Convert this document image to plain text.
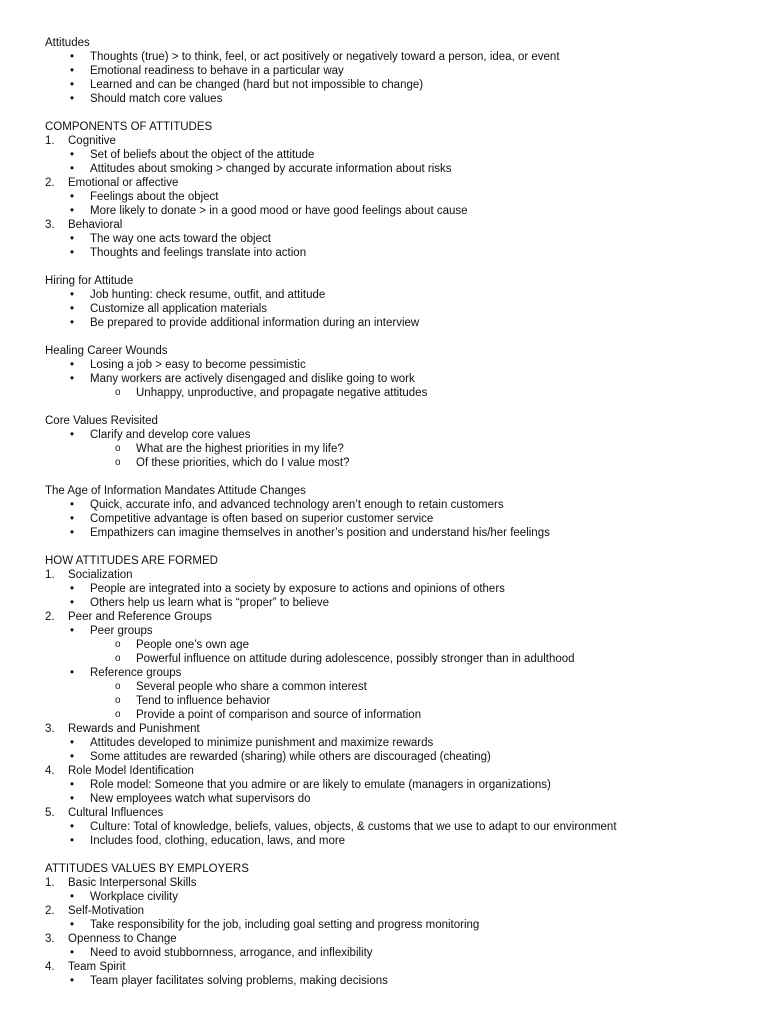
Attitudes
• Thoughts (true) > to think, feel, or act positively or negatively toward a person, idea, or event
• Emotional readiness to behave in a particular way
• Learned and can be changed (hard but not impossible to change)
• Should match core values
COMPONENTS OF ATTITUDES
1. Cognitive
• Set of beliefs about the object of the attitude
• Attitudes about smoking > changed by accurate information about risks
2. Emotional or affective
• Feelings about the object
• More likely to donate > in a good mood or have good feelings about cause
3. Behavioral
• The way one acts toward the object
• Thoughts and feelings translate into action
Hiring for Attitude
• Job hunting: check resume, outfit, and attitude
• Customize all application materials
• Be prepared to provide additional information during an interview
Healing Career Wounds
• Losing a job > easy to become pessimistic
• Many workers are actively disengaged and dislike going to work
o Unhappy, unproductive, and propagate negative attitudes
Core Values Revisited
• Clarify and develop core values
o What are the highest priorities in my life?
o Of these priorities, which do I value most?
The Age of Information Mandates Attitude Changes
• Quick, accurate info, and advanced technology aren’t enough to retain customers
• Competitive advantage is often based on superior customer service
• Empathizers can imagine themselves in another’s position and understand his/her feelings
HOW ATTITUDES ARE FORMED
1. Socialization
• People are integrated into a society by exposure to actions and opinions of others
• Others help us learn what is “proper” to believe
2. Peer and Reference Groups
• Peer groups
o People one’s own age
o Powerful influence on attitude during adolescence, possibly stronger than in adulthood
• Reference groups
o Several people who share a common interest
o Tend to influence behavior
o Provide a point of comparison and source of information
3. Rewards and Punishment
• Attitudes developed to minimize punishment and maximize rewards
• Some attitudes are rewarded (sharing) while others are discouraged (cheating)
4. Role Model Identification
• Role model: Someone that you admire or are likely to emulate (managers in organizations)
• New employees watch what supervisors do
5. Cultural Influences
• Culture: Total of knowledge, beliefs, values, objects, & customs that we use to adapt to our environment
• Includes food, clothing, education, laws, and more
ATTITUDES VALUES BY EMPLOYERS
1. Basic Interpersonal Skills
• Workplace civility
2. Self-Motivation
• Take responsibility for the job, including goal setting and progress monitoring
3. Openness to Change
• Need to avoid stubbornness, arrogance, and inflexibility
4. Team Spirit
• Team player facilitates solving problems, making decisions
